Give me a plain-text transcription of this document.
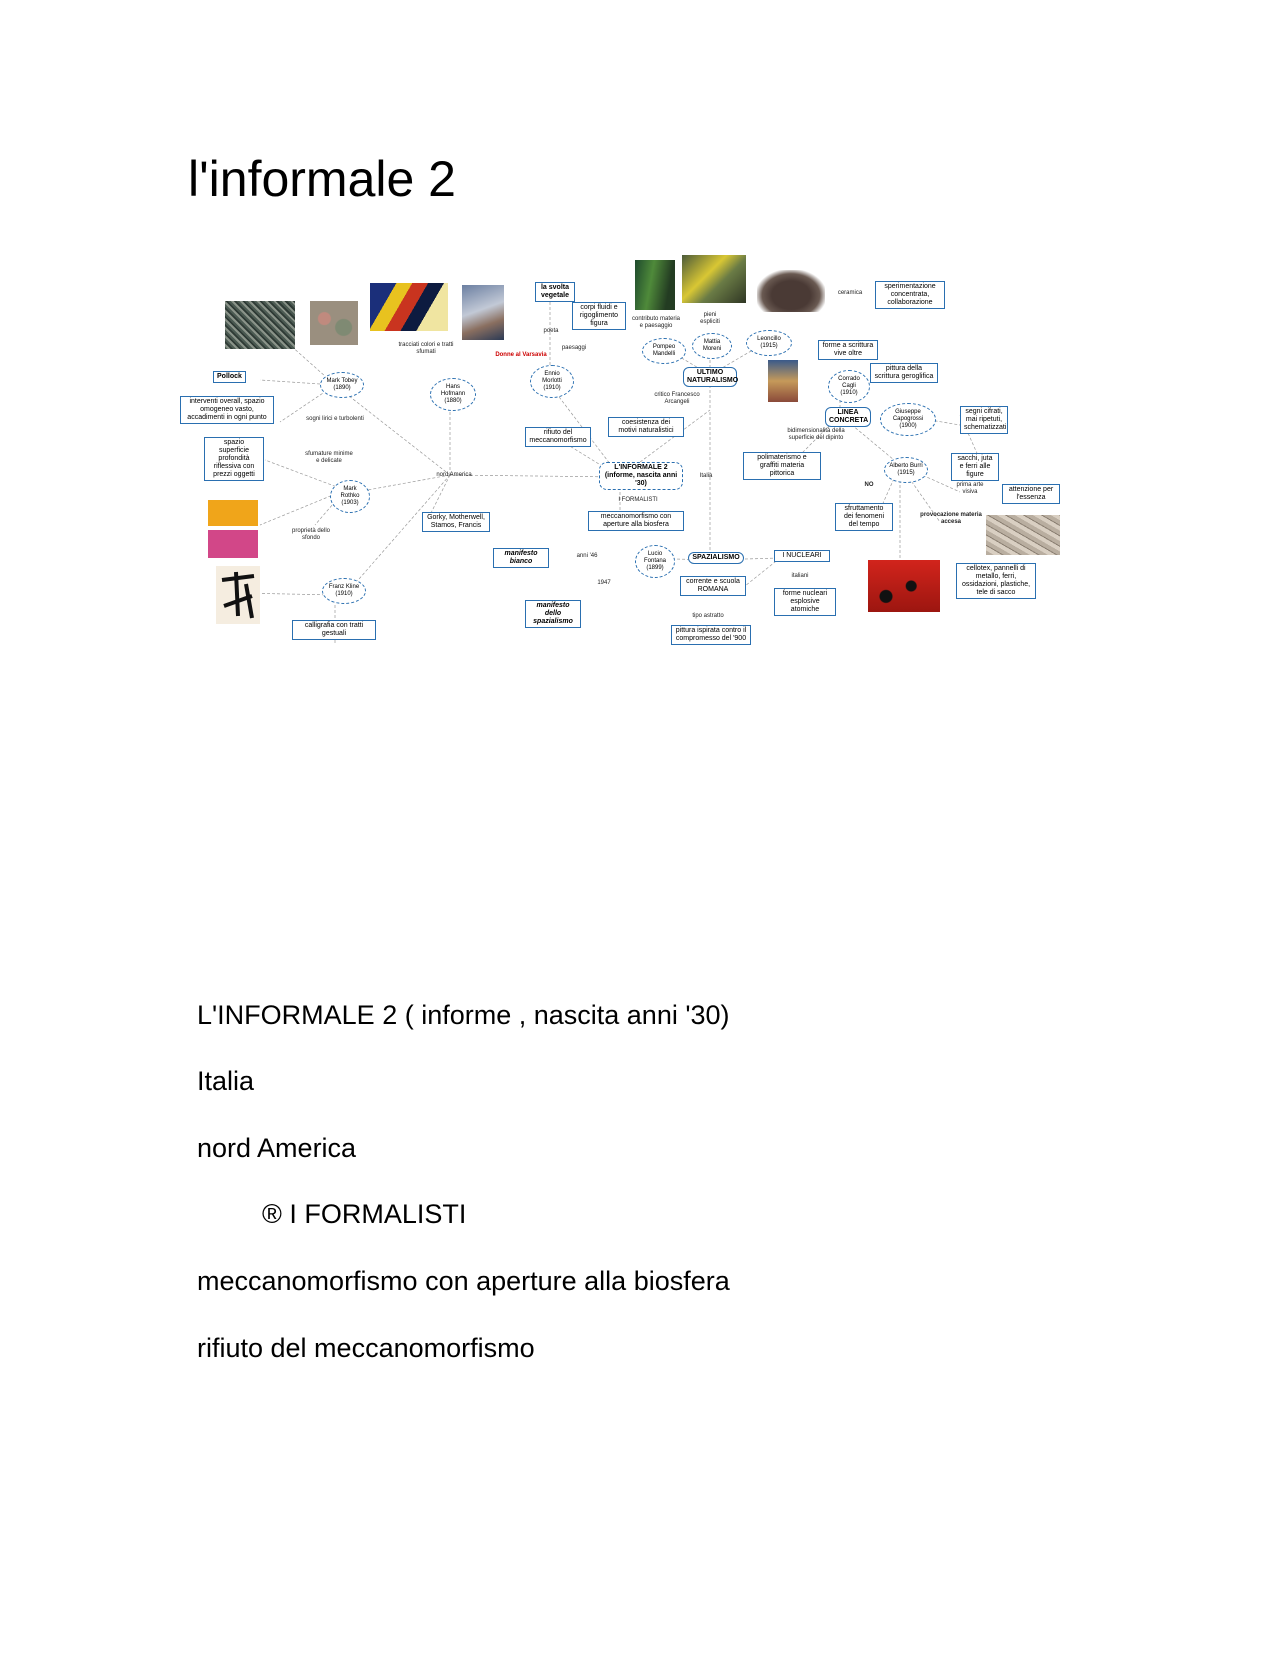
l'informale 2
Pollock
Mark Tobey (1890)
interventi overall, spazio omogeneo vasto, accadimenti in ogni punto	sogni lirici e turbolenti
spazio superficie profondità riflessiva con prezzi oggetti
sfumature minime e delicate
Mark Rothko (1903)
proprietà dello sfondo
Franz Kline (1910)
calligrafia con tratti gestuali
Hans Hofmann (1880)
tracciati colori e tratti sfumati
Gorky, Motherwell, Stamos, Francis
nord America
Ennio Morlotti (1910)
Donne al Varsavia
paesaggi
poeta
la svolta vegetale
corpi fluidi e rigoglimento figura
rifiuto del meccanomorfismo
L'INFORMALE 2 (informe, nascita anni '30)
I FORMALISTI
meccanomorfismo con aperture alla biosfera
ULTIMO NATURALISMO
critico Francesco Arcangeli
coesistenza dei motivi naturalistici
Pompeo Mandelli
contributo materia e paesaggio
Mattia Moreni
pieni espliciti
Leoncillo (1915)
ceramica
sperimentazione concentrata, collaborazione
forme a scrittura vive oltre
Corrado Cagli (1910)
pittura della scrittura geroglifica
LINEA CONCRETA
Giuseppe Capogrossi (1900)
segni cifrati, mai ripetuti, schematizzati
bidimensionalità della superficie del dipinto
polimaterismo e graffiti materia pittorica
Alberto Burri (1915)
sacchi, juta e ferri alle figure
NO
sfruttamento dei fenomeni del tempo
prima arte visiva	attenzione per l'essenza
provocazione materia accesa
cellotex, pannelli di metallo, ferri, ossidazioni, plastiche, tele di sacco
Lucio Fontana (1899)
SPAZIALISMO	I NUCLEARI
manifesto bianco
anni '46
1947
manifesto dello spazialismo
corrente e scuola ROMANA
italiani
forme nucleari esplosive atomiche
tipo astratto
pittura ispirata contro il compromesso del '900
Italia

L'INFORMALE 2 ( informe , nascita anni '30)

Italia

nord America

® I FORMALISTI

meccanomorfismo con aperture alla biosfera

rifiuto del meccanomorfismo
